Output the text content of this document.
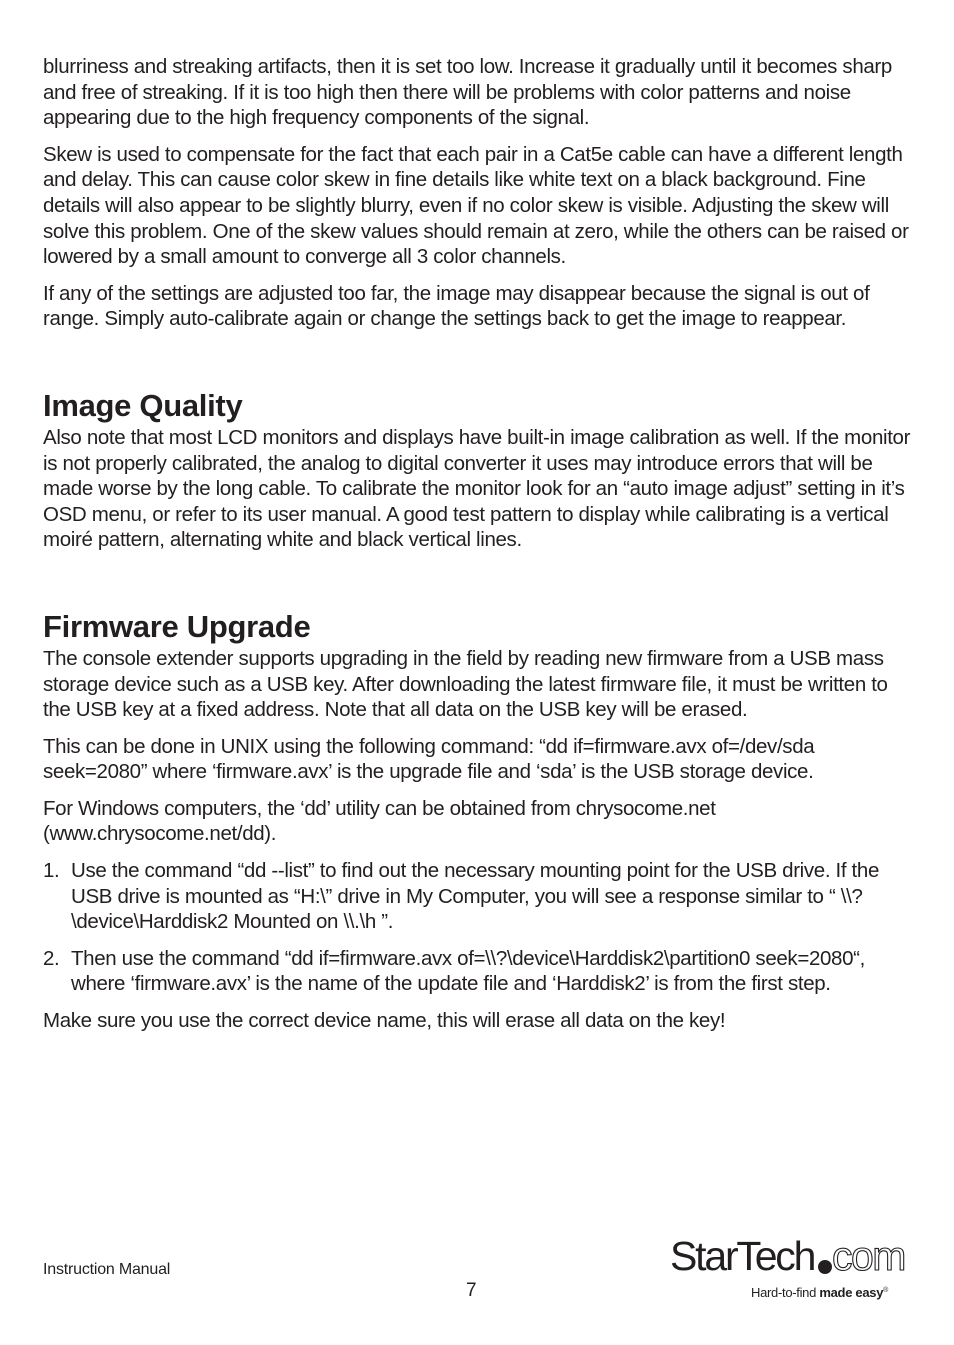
blurriness and streaking artifacts, then it is set too low. Increase it gradually until it becomes sharp and free of streaking. If it is too high then there will be problems with color patterns and noise appearing due to the high frequency components of the signal.

Skew is used to compensate for the fact that each pair in a Cat5e cable can have a different length and delay. This can cause color skew in fine details like white text on a black background. Fine details will also appear to be slightly blurry, even if no color skew is visible. Adjusting the skew will solve this problem. One of the skew values should remain at zero, while the others can be raised or lowered by a small amount to converge all 3 color channels.

If any of the settings are adjusted too far, the image may disappear because the signal is out of range. Simply auto-calibrate again or change the settings back to get the image to reappear.

Image Quality

Also note that most LCD monitors and displays have built-in image calibration as well. If the monitor is not properly calibrated, the analog to digital converter it uses may introduce errors that will be made worse by the long cable. To calibrate the monitor look for an “auto image adjust” setting in it’s OSD menu, or refer to its user manual. A good test pattern to display while calibrating is a vertical moiré pattern, alternating white and black vertical lines.

Firmware Upgrade

The console extender supports upgrading in the field by reading new firmware from a USB mass storage device such as a USB key. After downloading the latest firmware file, it must be written to the USB key at a fixed address. Note that all data on the USB key will be erased.

This can be done in UNIX using the following command: “dd if=firmware.avx of=/dev/sda seek=2080” where ‘firmware.avx’ is the upgrade file and ‘sda’ is the USB storage device.

For Windows computers, the ‘dd’ utility can be obtained from chrysocome.net (www.chrysocome.net/dd).

1. Use the command “dd --list” to find out the necessary mounting point for the USB drive. If the USB drive is mounted as “H:\” drive in My Computer, you will see a response similar to “ \\?\device\Harddisk2 Mounted on \\.\h ”.
2. Then use the command “dd if=firmware.avx of=\\?\device\Harddisk2\partition0 seek=2080“, where ‘firmware.avx’ is the name of the update file and ‘Harddisk2’ is from the first step.

Make sure you use the correct device name, this will erase all data on the key!

Instruction Manual
7
StarTech com
Hard-to-find made easy®
